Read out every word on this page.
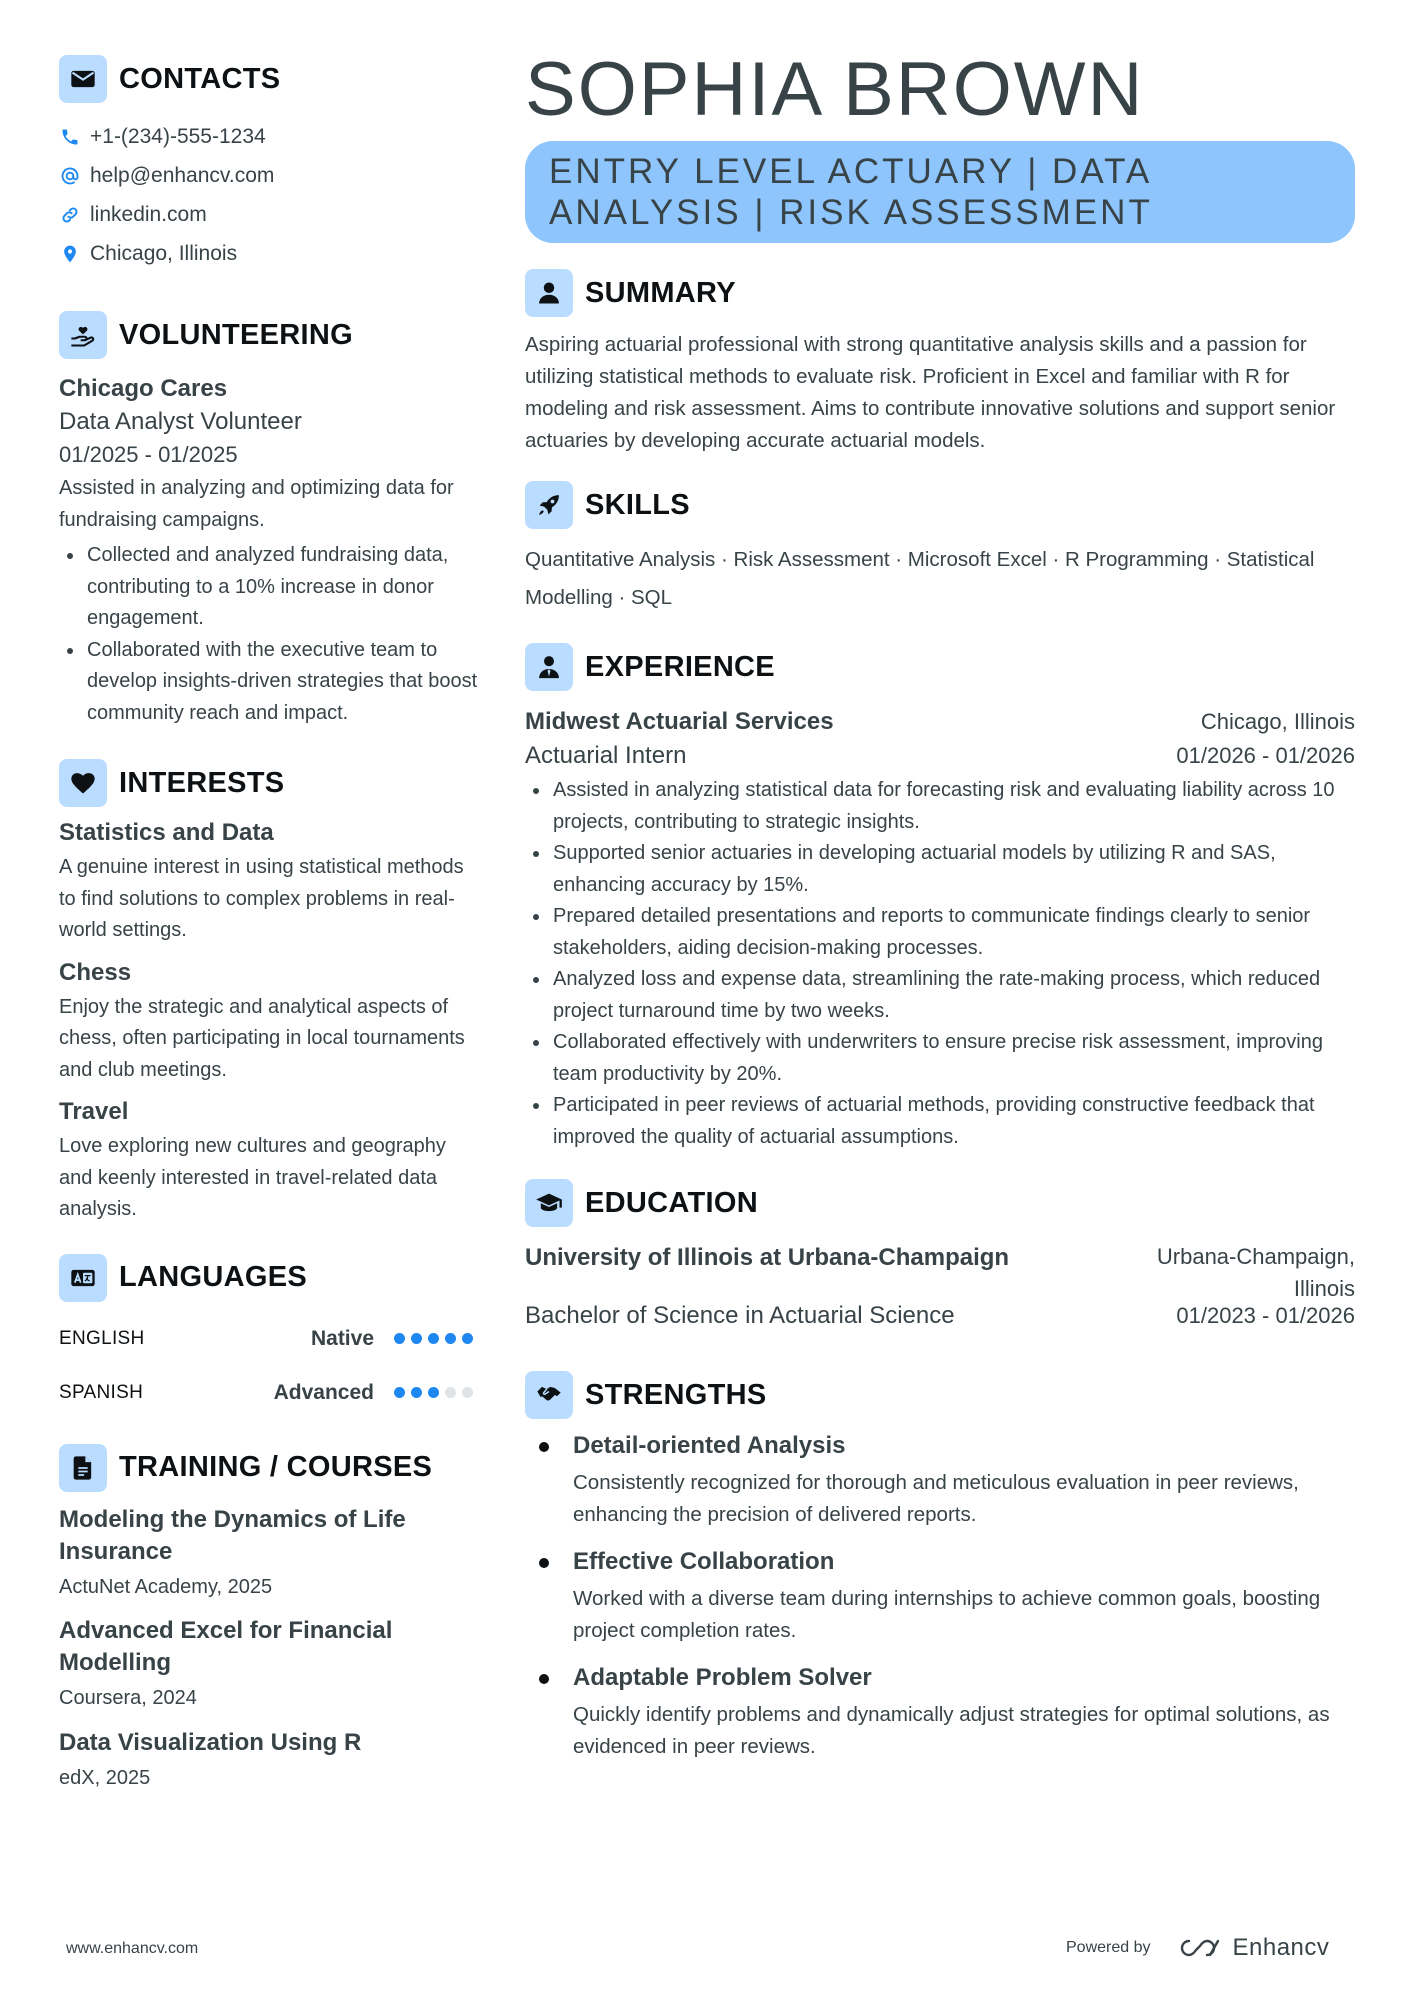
CONTACTS
+1-(234)-555-1234
help@enhancv.com
linkedin.com
Chicago, Illinois
VOLUNTEERING
Chicago Cares
Data Analyst Volunteer
01/2025 - 01/2025
Assisted in analyzing and optimizing data for fundraising campaigns.
Collected and analyzed fundraising data, contributing to a 10% increase in donor engagement.
Collaborated with the executive team to develop insights-driven strategies that boost community reach and impact.
INTERESTS
Statistics and Data
A genuine interest in using statistical methods to find solutions to complex problems in real-world settings.
Chess
Enjoy the strategic and analytical aspects of chess, often participating in local tournaments and club meetings.
Travel
Love exploring new cultures and geography and keenly interested in travel-related data analysis.
LANGUAGES
ENGLISH	Native
SPANISH	Advanced
TRAINING / COURSES
Modeling the Dynamics of Life Insurance
ActuNet Academy, 2025
Advanced Excel for Financial Modelling
Coursera, 2024
Data Visualization Using R
edX, 2025
SOPHIA BROWN
ENTRY LEVEL ACTUARY | DATA ANALYSIS | RISK ASSESSMENT
SUMMARY
Aspiring actuarial professional with strong quantitative analysis skills and a passion for utilizing statistical methods to evaluate risk. Proficient in Excel and familiar with R for modeling and risk assessment. Aims to contribute innovative solutions and support senior actuaries by developing accurate actuarial models.
SKILLS
Quantitative Analysis · Risk Assessment · Microsoft Excel · R Programming · Statistical Modelling · SQL
EXPERIENCE
Midwest Actuarial Services	Chicago, Illinois
Actuarial Intern	01/2026 - 01/2026
Assisted in analyzing statistical data for forecasting risk and evaluating liability across 10 projects, contributing to strategic insights.
Supported senior actuaries in developing actuarial models by utilizing R and SAS, enhancing accuracy by 15%.
Prepared detailed presentations and reports to communicate findings clearly to senior stakeholders, aiding decision-making processes.
Analyzed loss and expense data, streamlining the rate-making process, which reduced project turnaround time by two weeks.
Collaborated effectively with underwriters to ensure precise risk assessment, improving team productivity by 20%.
Participated in peer reviews of actuarial methods, providing constructive feedback that improved the quality of actuarial assumptions.
EDUCATION
University of Illinois at Urbana-Champaign	Urbana-Champaign, Illinois
Bachelor of Science in Actuarial Science	01/2023 - 01/2026
STRENGTHS
Detail-oriented Analysis
Consistently recognized for thorough and meticulous evaluation in peer reviews, enhancing the precision of delivered reports.
Effective Collaboration
Worked with a diverse team during internships to achieve common goals, boosting project completion rates.
Adaptable Problem Solver
Quickly identify problems and dynamically adjust strategies for optimal solutions, as evidenced in peer reviews.
www.enhancv.com	Powered by	Enhancv
